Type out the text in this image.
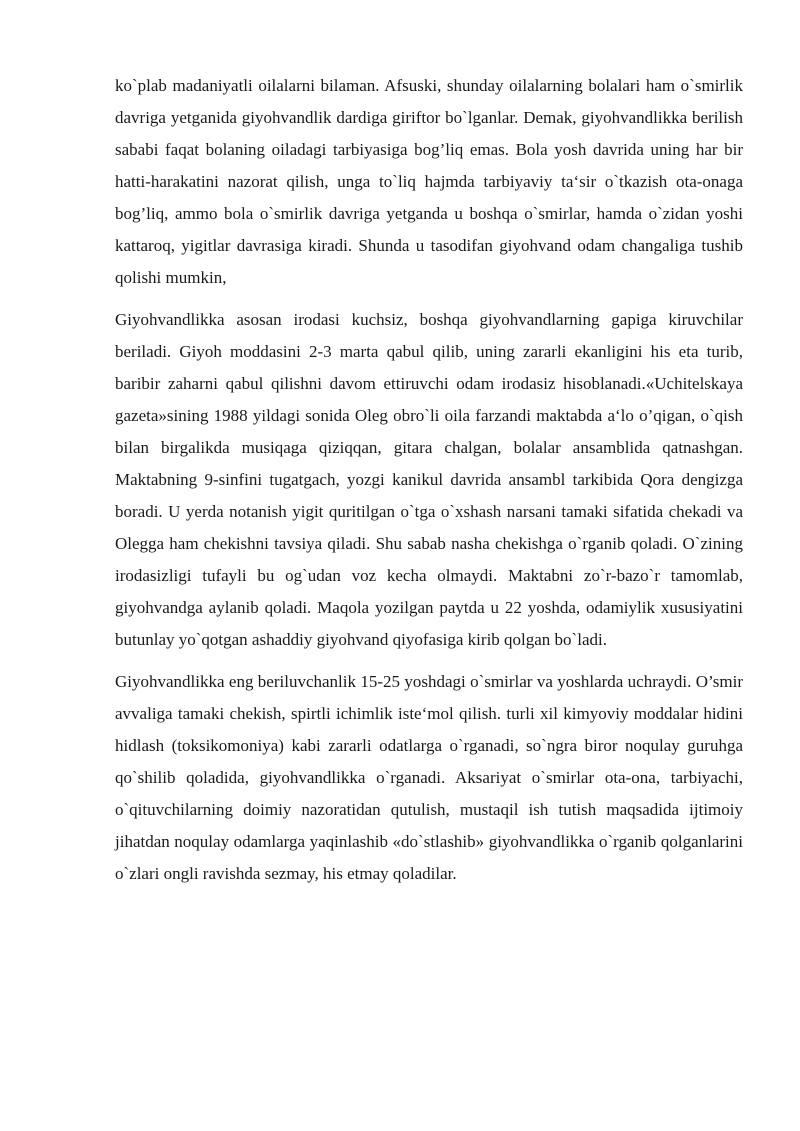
ko`plab madaniyatli oilalarni bilaman. Afsuski, shunday oilalarning bolalari ham o`smirlik davriga yetganida giyohvandlik dardiga giriftor bo`lganlar. Demak, giyohvandlikka berilish sababi faqat bolaning oiladagi tarbiyasiga bog’liq emas. Bola yosh davrida uning har bir hatti-harakatini nazorat qilish, unga to`liq hajmda tarbiyaviy ta‘sir o`tkazish ota-onaga bog’liq, ammo bola o`smirlik davriga yetganda u boshqa o`smirlar, hamda o`zidan yoshi kattaroq, yigitlar davrasiga kiradi. Shunda u tasodifan giyohvand odam changaliga tushib qolishi mumkin,

Giyohvandlikka asosan irodasi kuchsiz, boshqa giyohvandlarning gapiga kiruvchilar beriladi. Giyoh moddasini 2-3 marta qabul qilib, uning zararli ekanligini his eta turib, baribir zaharni qabul qilishni davom ettiruvchi odam irodasiz hisoblanadi.«Uchitelskaya gazeta»sining 1988 yildagi sonida Oleg obro`li oila farzandi maktabda a‘lo o’qigan, o`qish bilan birgalikda musiqaga qiziqqan, gitara chalgan, bolalar ansamblida qatnashgan. Maktabning 9-sinfini tugatgach, yozgi kanikul davrida ansambl tarkibida Qora dengizga boradi. U yerda notanish yigit quritilgan o`tga o`xshash narsani tamaki sifatida chekadi va Olegga ham chekishni tavsiya qiladi. Shu sabab nasha chekishga o`rganib qoladi. O`zining irodasizligi tufayli bu og`udan voz kecha olmaydi. Maktabni zo`r-bazo`r tamomlab, giyohvandga aylanib qoladi. Maqola yozilgan paytda u 22 yoshda, odamiylik xususiyatini butunlay yo`qotgan ashaddiy giyohvand qiyofasiga kirib qolgan bo`ladi.

Giyohvandlikka eng beriluvchanlik 15-25 yoshdagi o`smirlar va yoshlarda uchraydi. O’smir avvaliga tamaki chekish, spirtli ichimlik iste‘mol qilish. turli xil kimyoviy moddalar hidini hidlash (toksikomoniya) kabi zararli odatlarga o`rganadi, so`ngra biror noqulay guruhga qo`shilib qoladida, giyohvandlikka o`rganadi. Aksariyat o`smirlar ota-ona, tarbiyachi, o`qituvchilarning doimiy nazoratidan qutulish, mustaqil ish tutish maqsadida ijtimoiy jihatdan noqulay odamlarga yaqinlashib «do`stlashib» giyohvandlikka o`rganib qolganlarini o`zlari ongli ravishda sezmay, his etmay qoladilar.
